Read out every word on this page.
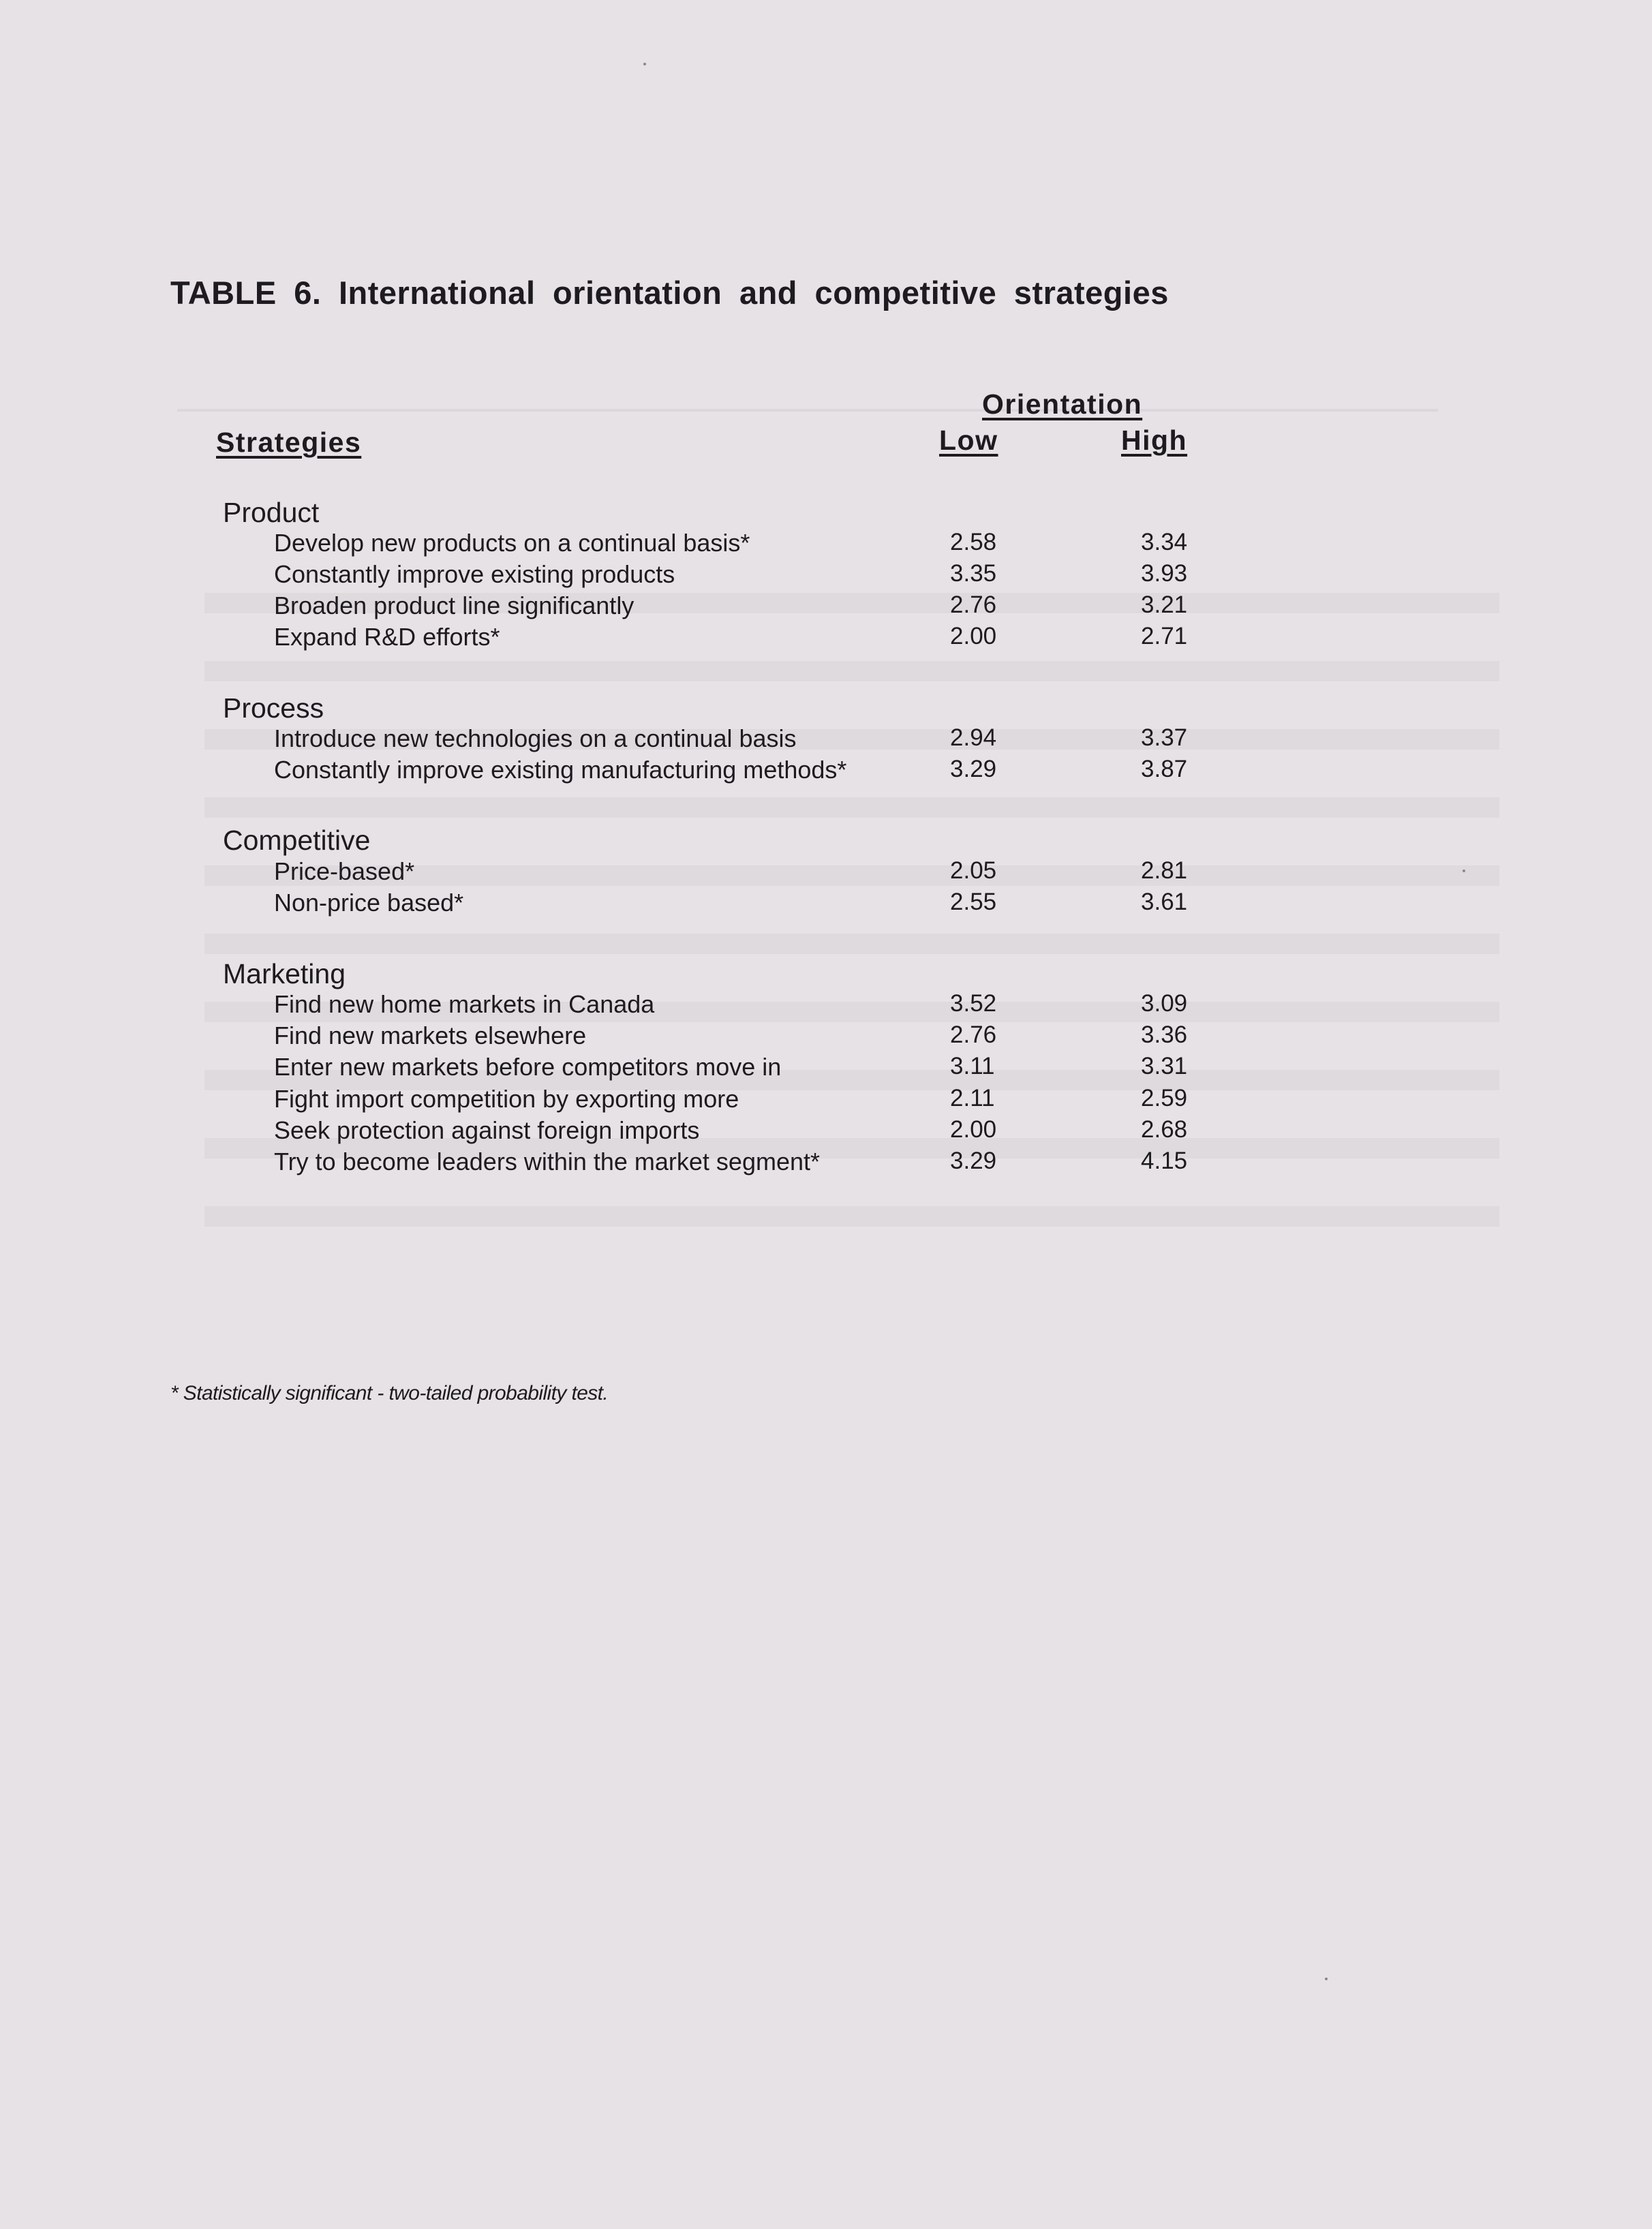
TABLE 6. International orientation and competitive strategies
Orientation
Strategies	Low	High
Product
Develop new products on a continual basis*	2.58	3.34
Constantly improve existing products	3.35	3.93
Broaden product line significantly	2.76	3.21
Expand R&D efforts*	2.00	2.71
Process
Introduce new technologies on a continual basis	2.94	3.37
Constantly improve existing manufacturing methods*	3.29	3.87
Competitive
Price-based*	2.05	2.81
Non-price based*	2.55	3.61
Marketing
Find new home markets in Canada	3.52	3.09
Find new markets elsewhere	2.76	3.36
Enter new markets before competitors move in	3.11	3.31
Fight import competition by exporting more	2.11	2.59
Seek protection against foreign imports	2.00	2.68
Try to become leaders within the market segment*	3.29	4.15
* Statistically significant - two-tailed probability test.
